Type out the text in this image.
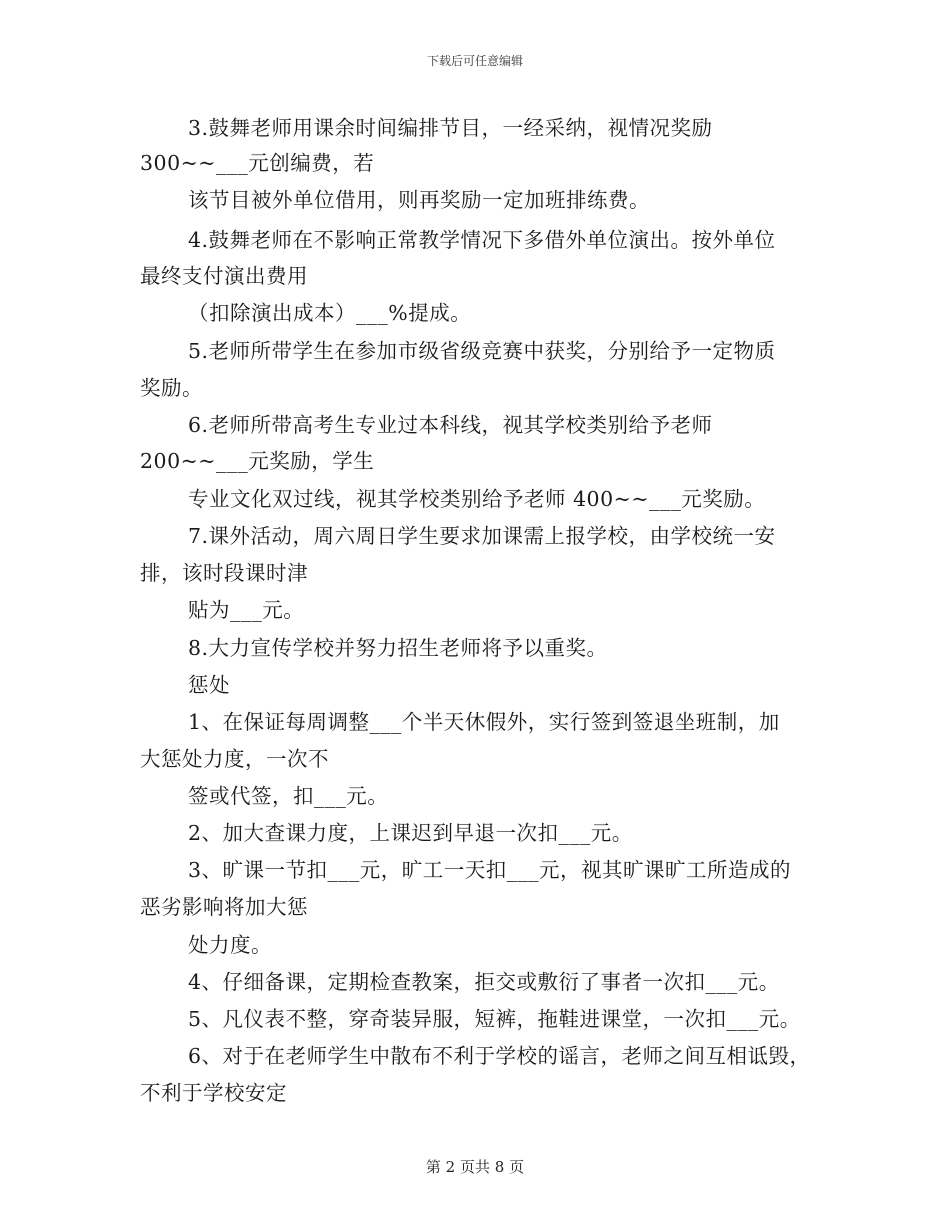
下载后可任意编辑
3.鼓舞老师用课余时间编排节目，一经采纳，视情况奖励
300~~___元创编费，若
该节目被外单位借用，则再奖励一定加班排练费。
4.鼓舞老师在不影响正常教学情况下多借外单位演出。按外单位
最终支付演出费用
（扣除演出成本）___%提成。
5.老师所带学生在参加市级省级竞赛中获奖，分别给予一定物质
奖励。
6.老师所带高考生专业过本科线，视其学校类别给予老师
200~~___元奖励，学生
专业文化双过线，视其学校类别给予老师 400~~___元奖励。
7.课外活动，周六周日学生要求加课需上报学校，由学校统一安
排，该时段课时津
贴为___元。
8.大力宣传学校并努力招生老师将予以重奖。
惩处
1、在保证每周调整___个半天休假外，实行签到签退坐班制，加
大惩处力度，一次不
签或代签，扣___元。
2、加大查课力度，上课迟到早退一次扣___元。
3、旷课一节扣___元，旷工一天扣___元，视其旷课旷工所造成的
恶劣影响将加大惩
处力度。
4、仔细备课，定期检查教案，拒交或敷衍了事者一次扣___元。
5、凡仪表不整，穿奇装异服，短裤，拖鞋进课堂，一次扣___元。
6、对于在老师学生中散布不利于学校的谣言，老师之间互相诋毁，
不利于学校安定
第 2 页共 8 页
